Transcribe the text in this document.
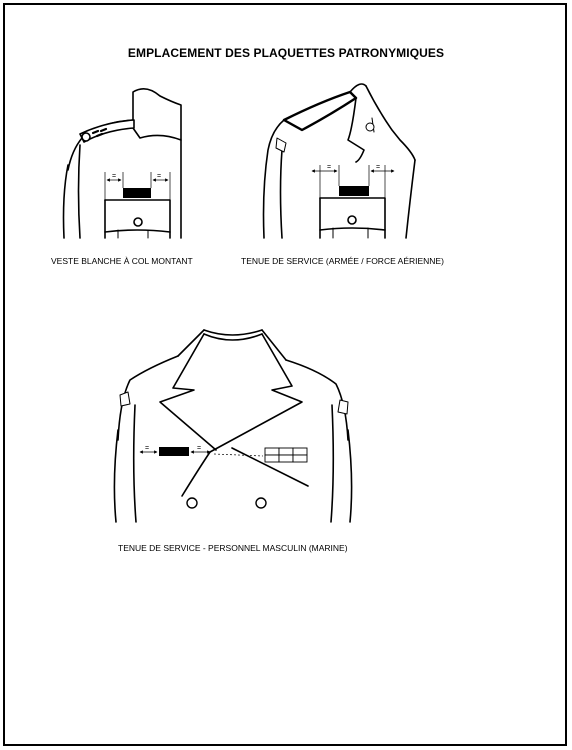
EMPLACEMENT DES PLAQUETTES PATRONYMIQUES
=	=
=	=
=	=
VESTE BLANCHE À COL MONTANT	TENUE DE SERVICE (ARMÉE / FORCE AÉRIENNE)
TENUE DE SERVICE - PERSONNEL MASCULIN (MARINE)
